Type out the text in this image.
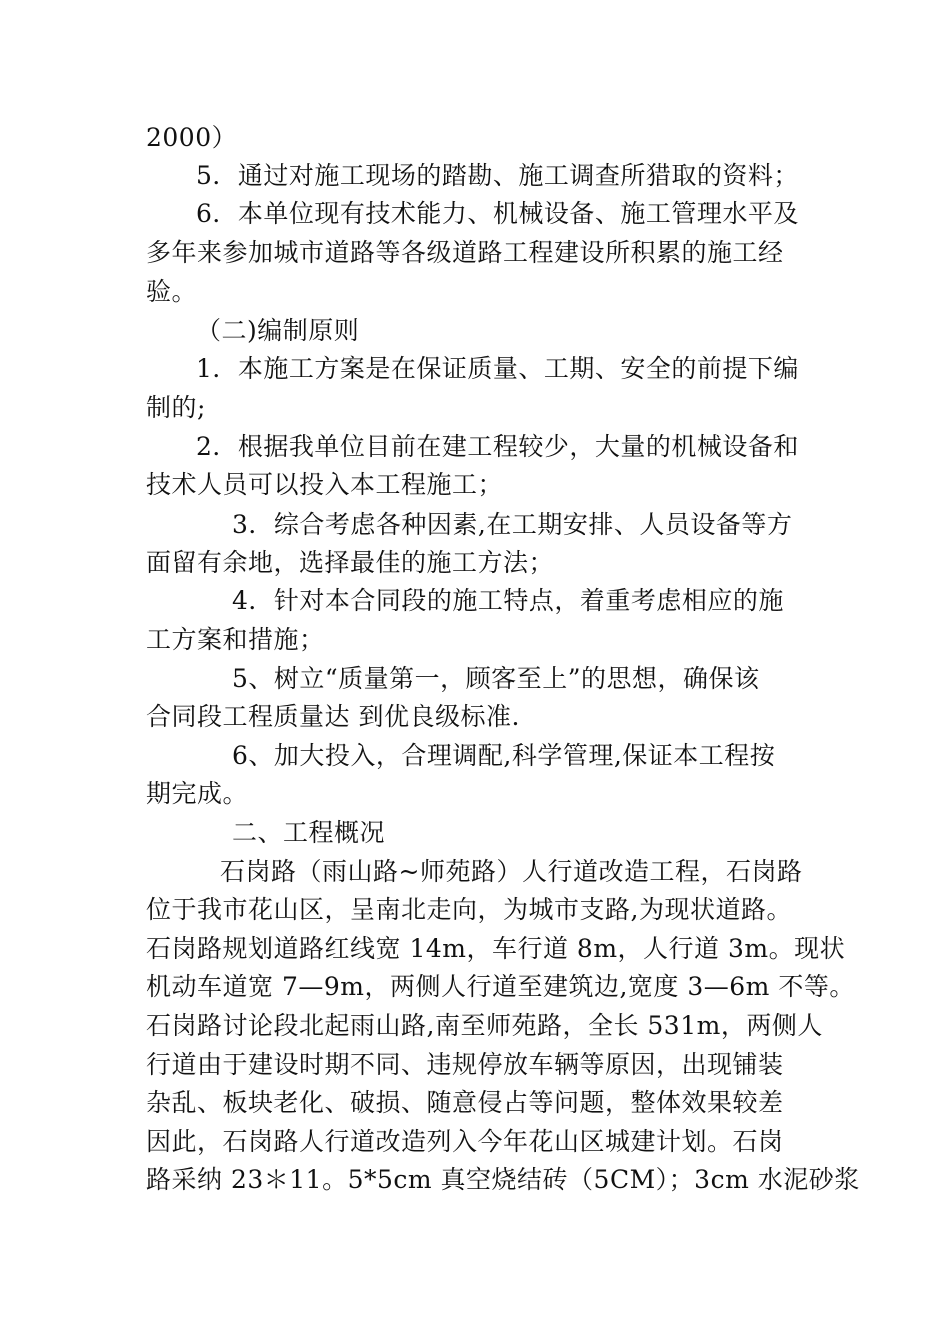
2000）
5．通过对施工现场的踏勘、施工调查所猎取的资料；
6．本单位现有技术能力、机械设备、施工管理水平及
多年来参加城市道路等各级道路工程建设所积累的施工经
验。
（二)编制原则
1．本施工方案是在保证质量、工期、安全的前提下编
制的;
2．根据我单位目前在建工程较少，大量的机械设备和
技术人员可以投入本工程施工；
3．综合考虑各种因素,在工期安排、人员设备等方
面留有余地，选择最佳的施工方法；
4．针对本合同段的施工特点，着重考虑相应的施
工方案和措施；
5、树立“质量第一，顾客至上”的思想，确保该
合同段工程质量达 到优良级标准.
6、加大投入，合理调配,科学管理,保证本工程按
期完成。
二、工程概况
石岗路（雨山路~师苑路）人行道改造工程，石岗路
位于我市花山区，呈南北走向，为城市支路,为现状道路。
石岗路规划道路红线宽 14m，车行道 8m，人行道 3m。现状
机动车道宽 7—9m，两侧人行道至建筑边,宽度 3—6m 不等。
石岗路讨论段北起雨山路,南至师苑路，全长 531m，两侧人
行道由于建设时期不同、违规停放车辆等原因，出现铺装
杂乱、板块老化、破损、随意侵占等问题，整体效果较差
因此，石岗路人行道改造列入今年花山区城建计划。石岗
路采纳 23＊11。5*5cm 真空烧结砖（5CM）；3cm 水泥砂浆
